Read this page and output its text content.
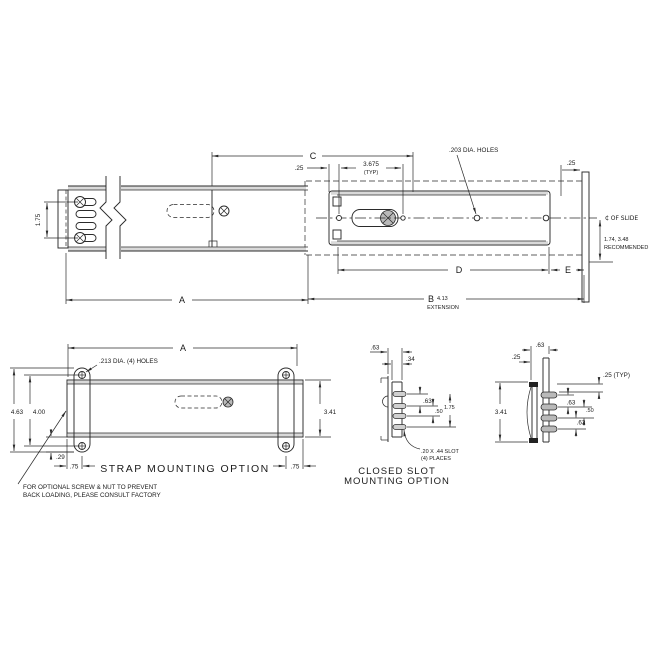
C
.25
3.675
(TYP)
.203 DIA. HOLES
.25
1.75	₵ OF SLIDE
1.74, 3.48
RECOMMENDED
A	B 4.13
EXTENSION
D	E
A
.213 DIA. (4) HOLES
4.63 4.00	3.41
.29
.75	.75
STRAP MOUNTING OPTION
FOR OPTIONAL SCREW & NUT TO PREVENT
BACK LOADING, PLEASE CONSULT FACTORY
.63
.34
.63
.50
1.75
.20 X .44 SLOT
(4) PLACES
CLOSED SLOT
MOUNTING OPTION
.63
.25
.25 (TYP)
.63
.50
.63
3.41
